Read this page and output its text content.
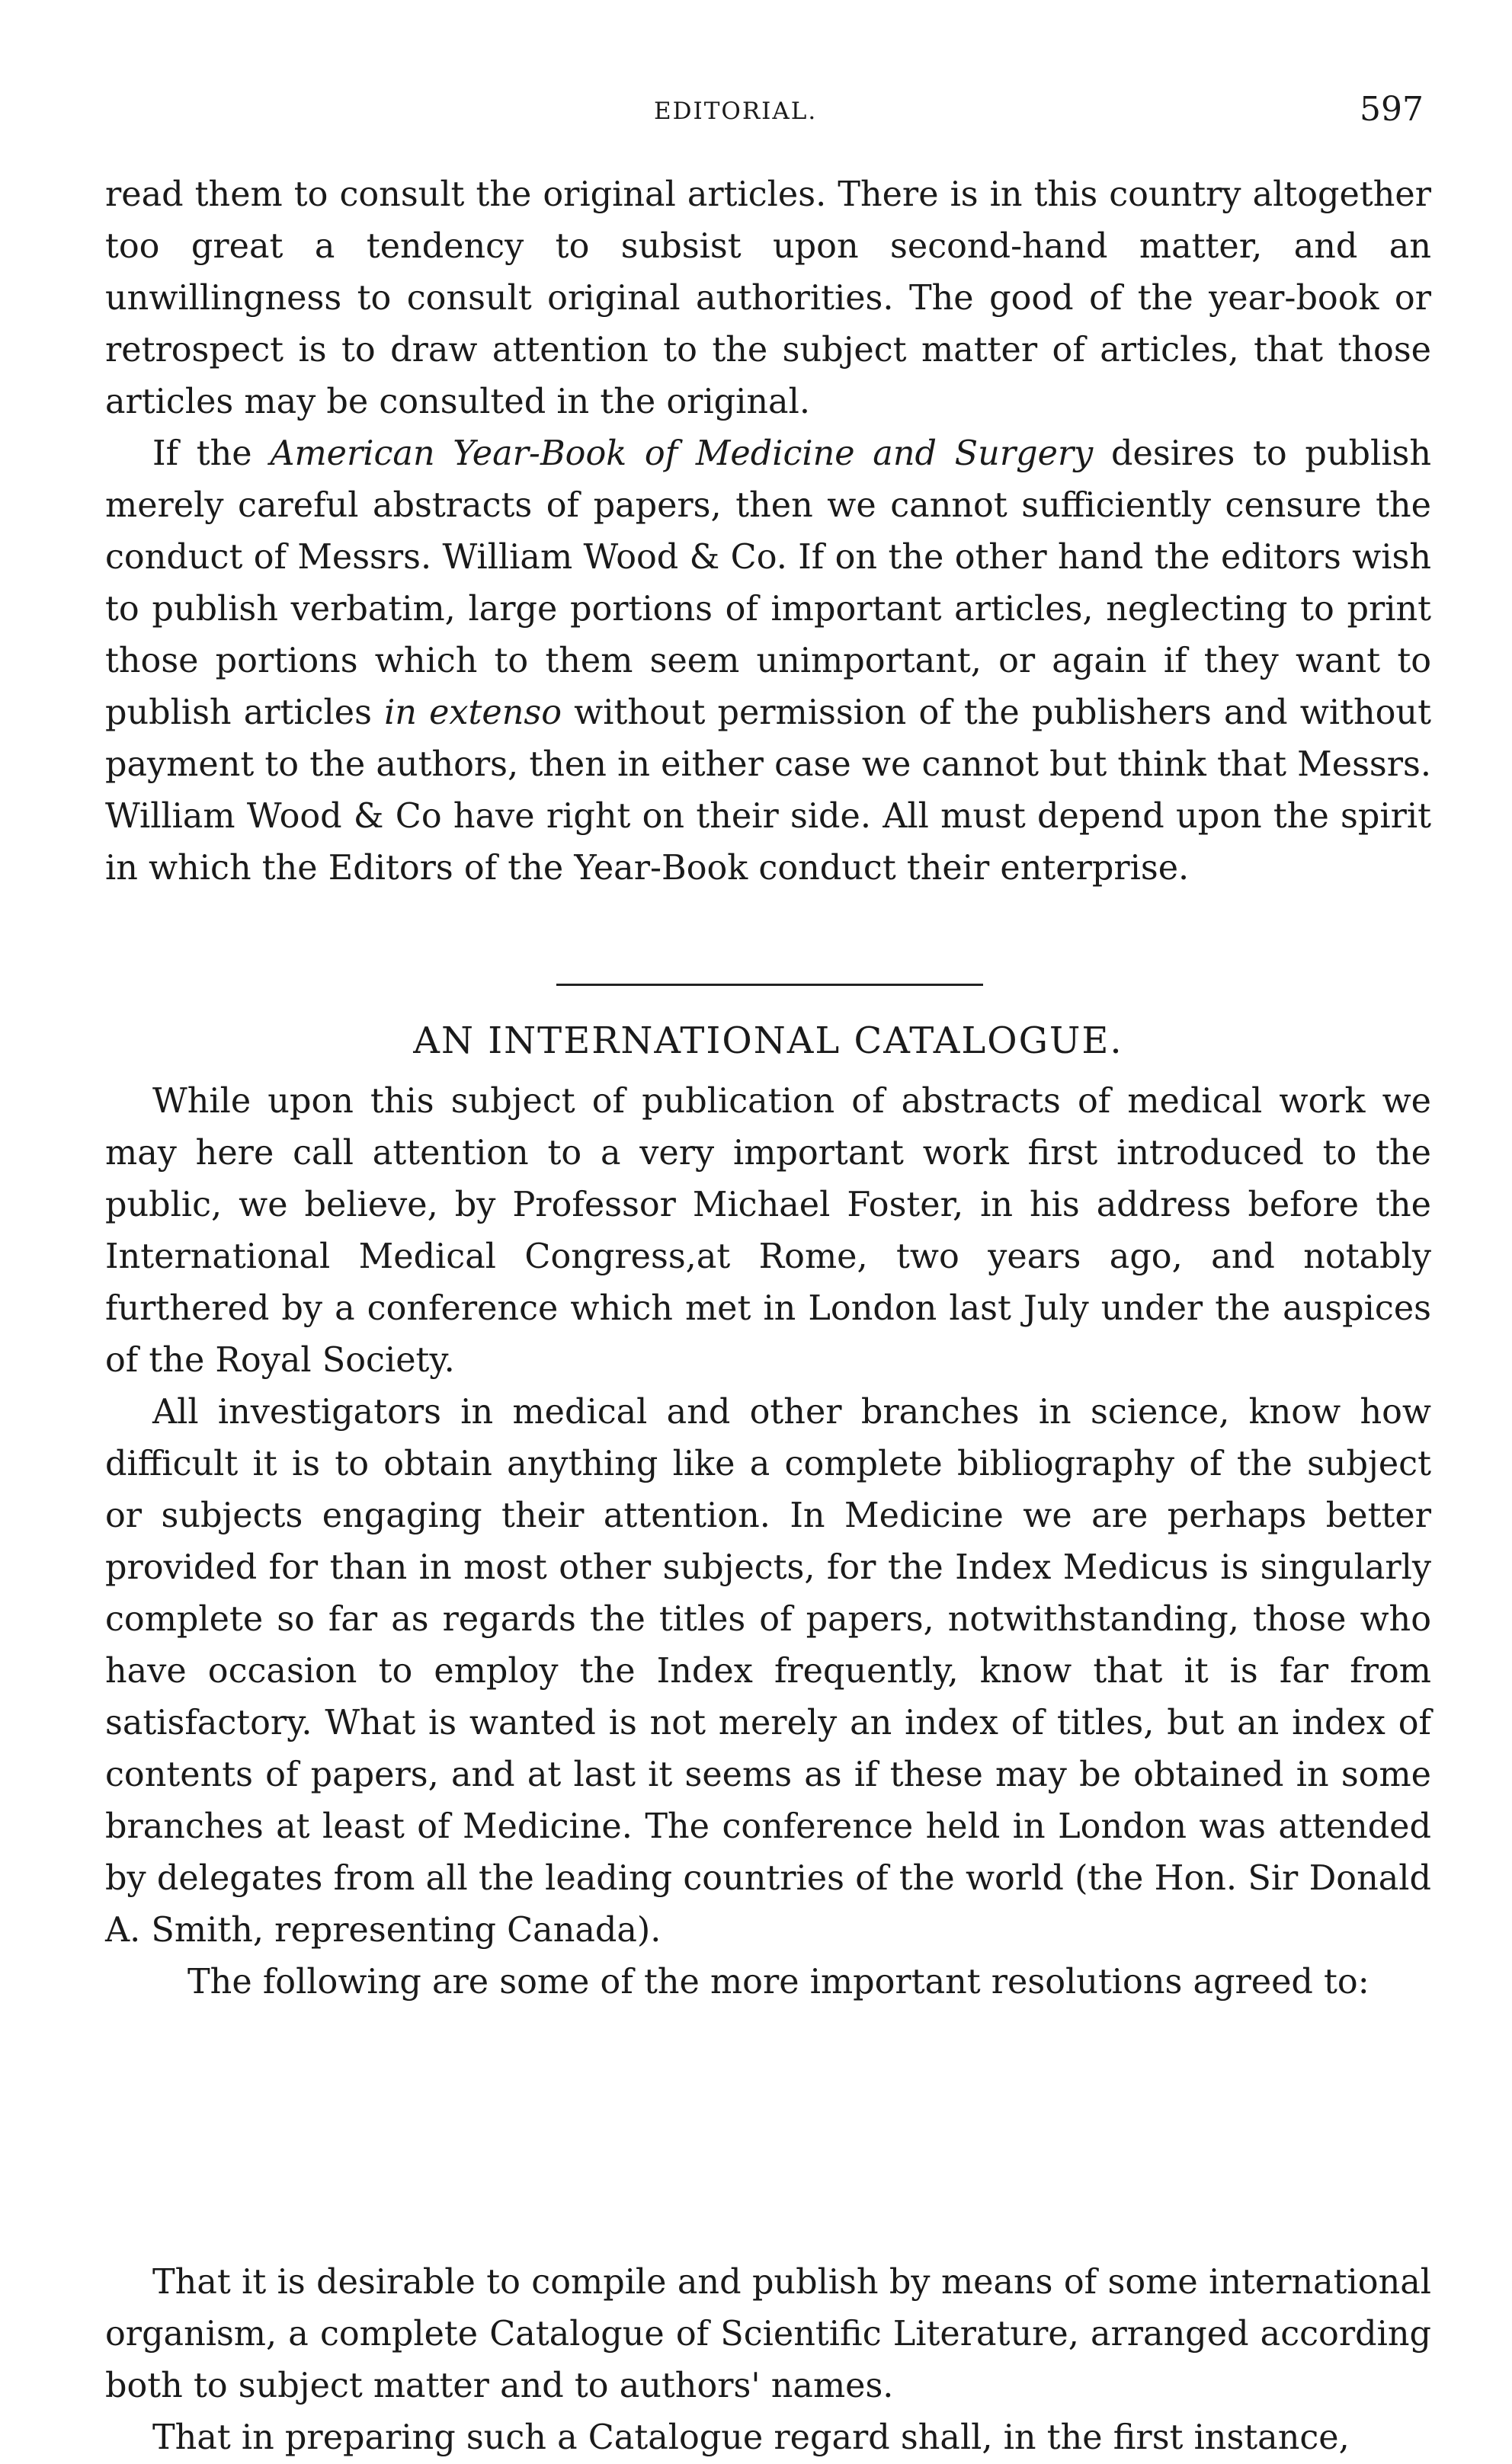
EDITORIAL.	597

read them to consult the original articles. There is in this country altogether too great a tendency to subsist upon second-hand matter, and an unwillingness to consult original authorities. The good of the year-book or retrospect is to draw attention to the subject matter of articles, that those articles may be consulted in the original.

If the American Year-Book of Medicine and Surgery desires to publish merely careful abstracts of papers, then we cannot sufficiently censure the conduct of Messrs. William Wood & Co. If on the other hand the editors wish to publish verbatim, large portions of important articles, neglecting to print those portions which to them seem unimportant, or again if they want to publish articles in extenso without permission of the publishers and without payment to the authors, then in either case we cannot but think that Messrs. William Wood & Co have right on their side. All must depend upon the spirit in which the Editors of the Year-Book conduct their enterprise.

AN INTERNATIONAL CATALOGUE.

While upon this subject of publication of abstracts of medical work we may here call attention to a very important work first introduced to the public, we believe, by Professor Michael Foster, in his address before the International Medical Congress,at Rome, two years ago, and notably furthered by a conference which met in London last July under the auspices of the Royal Society.

All investigators in medical and other branches in science, know how difficult it is to obtain anything like a complete bibliography of the subject or subjects engaging their attention. In Medicine we are perhaps better provided for than in most other subjects, for the Index Medicus is singularly complete so far as regards the titles of papers, notwithstanding, those who have occasion to employ the Index frequently, know that it is far from satisfactory. What is wanted is not merely an index of titles, but an index of contents of papers, and at last it seems as if these may be obtained in some branches at least of Medicine. The conference held in London was attended by delegates from all the leading countries of the world (the Hon. Sir Donald A. Smith, representing Canada).

The following are some of the more important resolutions agreed to:

That it is desirable to compile and publish by means of some international organism, a complete Catalogue of Scientific Literature, arranged according both to subject matter and to authors' names.

That in preparing such a Catalogue regard shall, in the first instance,
